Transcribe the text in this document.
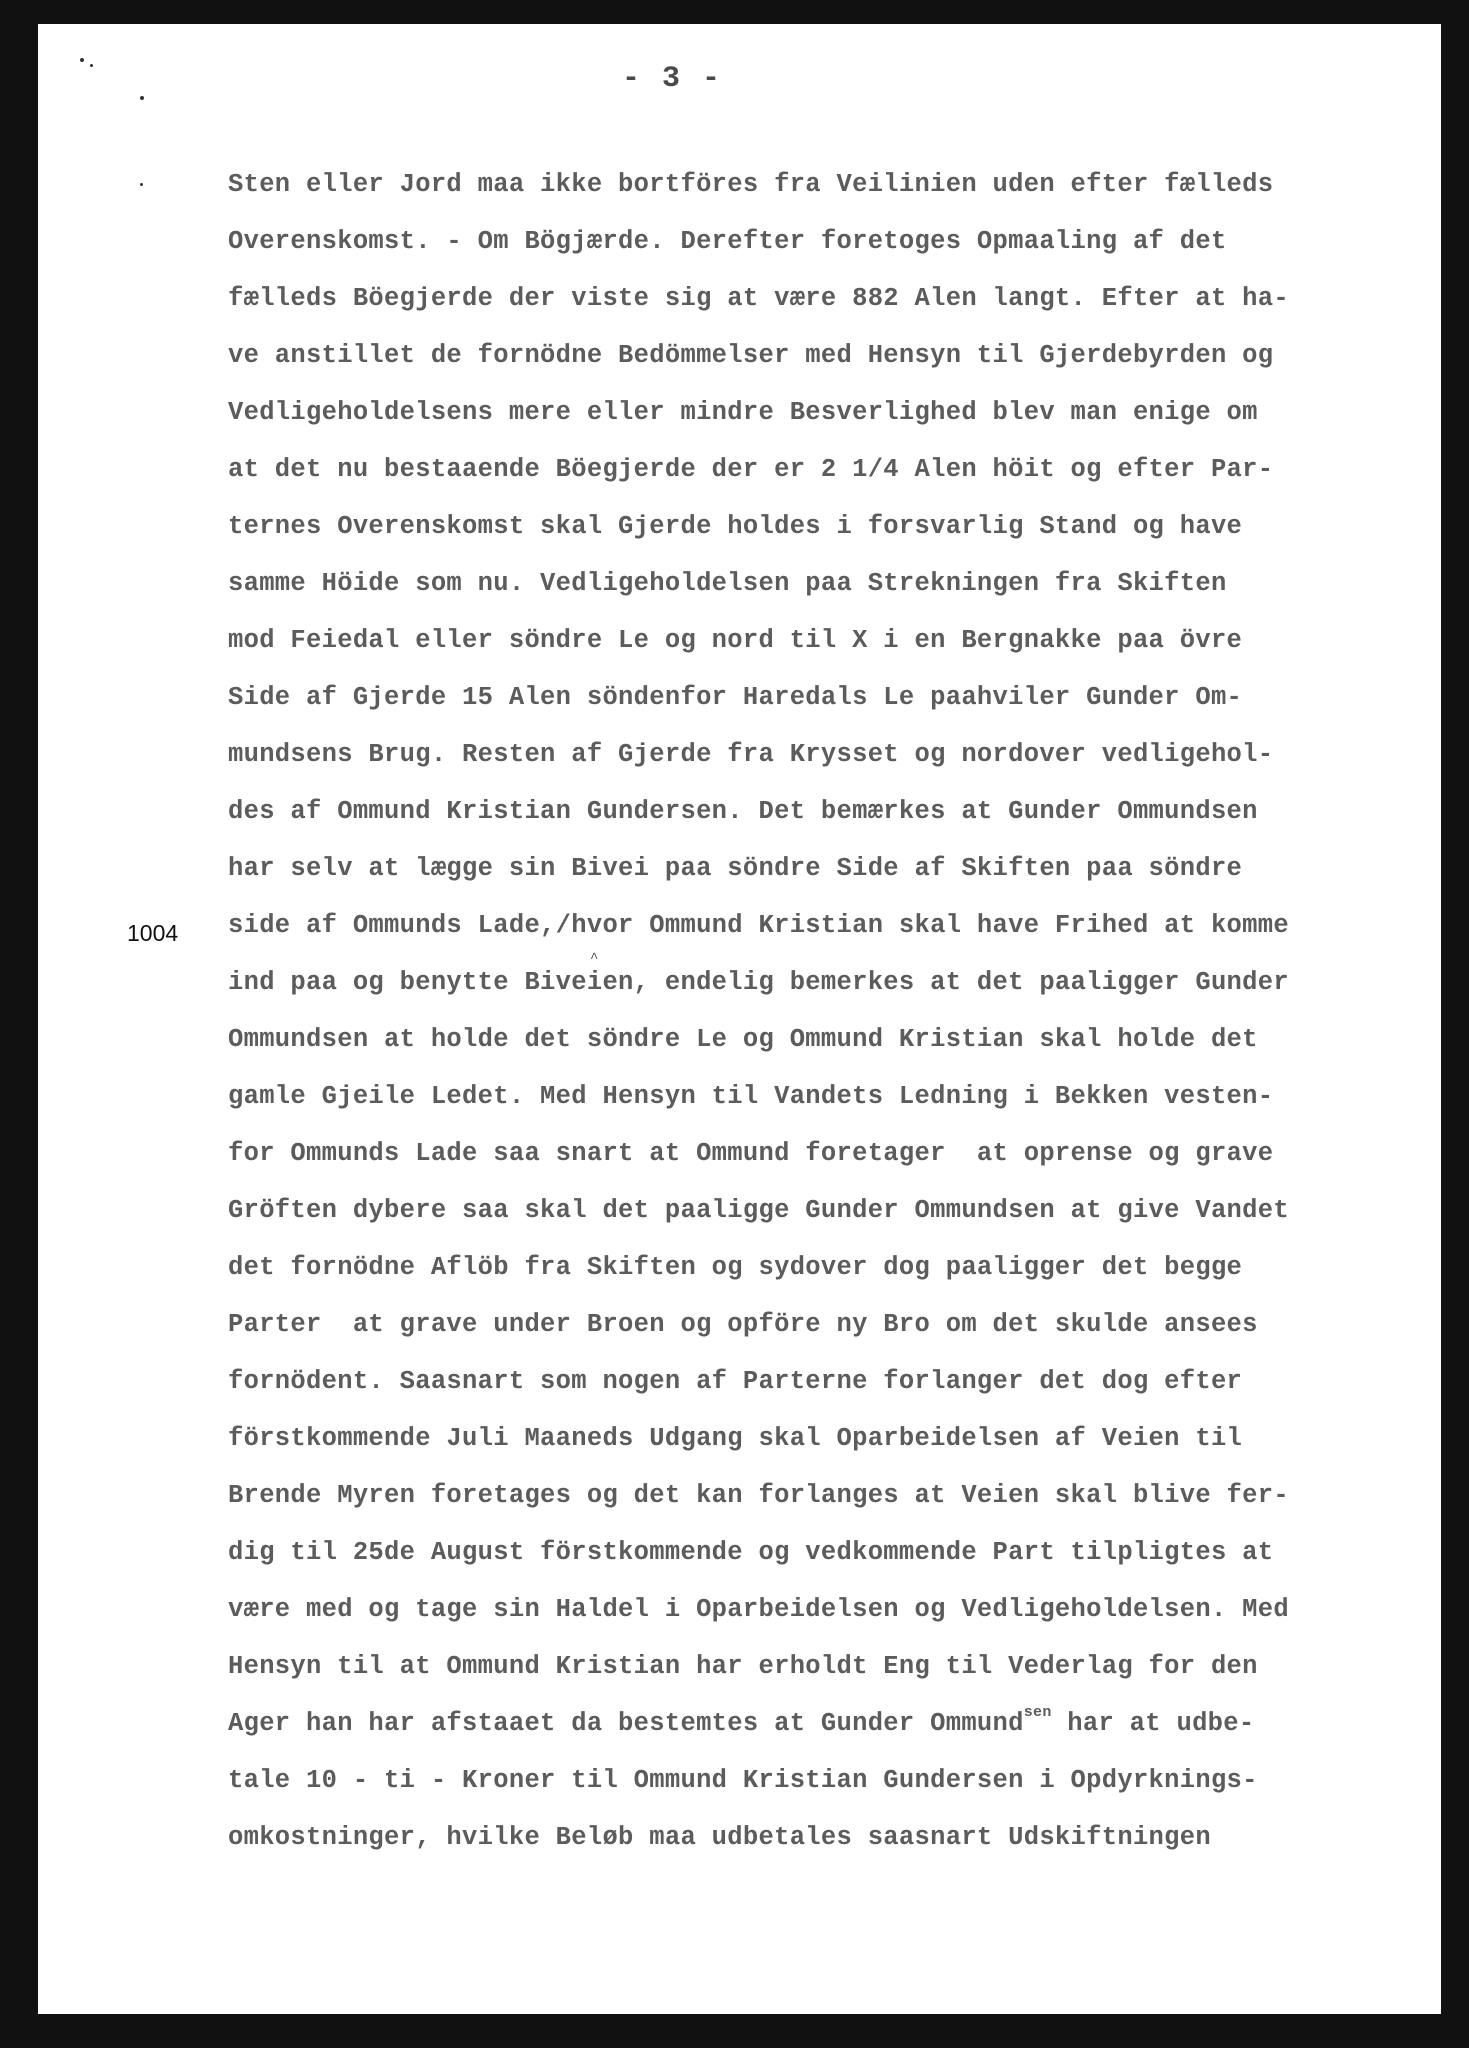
- 3 -
1004
^
Sten eller Jord maa ikke bortföres fra Veilinien uden efter fælleds
Overenskomst. - Om Bögjærde. Derefter foretoges Opmaaling af det
fælleds Böegjerde der viste sig at være 882 Alen langt. Efter at ha-
ve anstillet de fornödne Bedömmelser med Hensyn til Gjerdebyrden og
Vedligeholdelsens mere eller mindre Besverlighed blev man enige om
at det nu bestaaende Böegjerde der er 2 1/4 Alen höit og efter Par-
ternes Overenskomst skal Gjerde holdes i forsvarlig Stand og have
samme Höide som nu. Vedligeholdelsen paa Strekningen fra Skiften
mod Feiedal eller söndre Le og nord til X i en Bergnakke paa övre
Side af Gjerde 15 Alen söndenfor Haredals Le paahviler Gunder Om-
mundsens Brug. Resten af Gjerde fra Krysset og nordover vedligehol-
des af Ommund Kristian Gundersen. Det bemærkes at Gunder Ommundsen
har selv at lægge sin Bivei paa söndre Side af Skiften paa söndre
side af Ommunds Lade,/hvor Ommund Kristian skal have Frihed at komme
ind paa og benytte Biveien, endelig bemerkes at det paaligger Gunder
Ommundsen at holde det söndre Le og Ommund Kristian skal holde det
gamle Gjeile Ledet. Med Hensyn til Vandets Ledning i Bekken vesten-
for Ommunds Lade saa snart at Ommund foretager  at oprense og grave
Gröften dybere saa skal det paaligge Gunder Ommundsen at give Vandet
det fornödne Aflöb fra Skiften og sydover dog paaligger det begge
Parter  at grave under Broen og opföre ny Bro om det skulde ansees
fornödent. Saasnart som nogen af Parterne forlanger det dog efter
förstkommende Juli Maaneds Udgang skal Oparbeidelsen af Veien til
Brende Myren foretages og det kan forlanges at Veien skal blive fer-
dig til 25de August förstkommende og vedkommende Part tilpligtes at
være med og tage sin Haldel i Oparbeidelsen og Vedligeholdelsen. Med
Hensyn til at Ommund Kristian har erholdt Eng til Vederlag for den
Ager han har afstaaet da bestemtes at Gunder Ommund$^{sen}$ har at udbe-
tale 10 - ti - Kroner til Ommund Kristian Gundersen i Opdyrknings-
omkostninger, hvilke Beløb maa udbetales saasnart Udskiftningen
